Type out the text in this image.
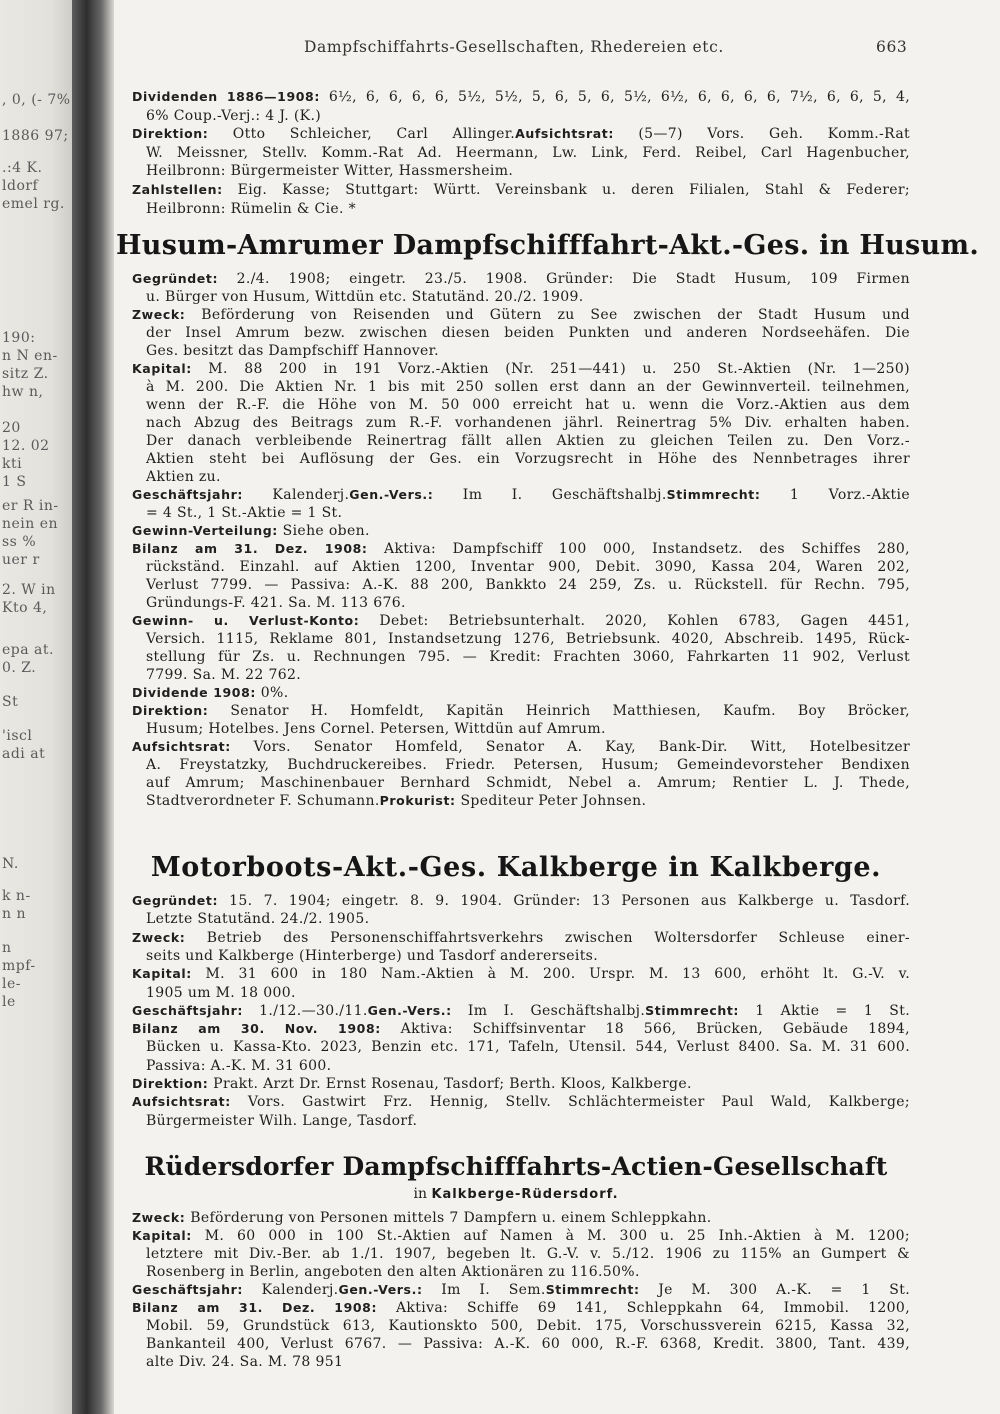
, 0, (- 7%
1886 97;
.:4 K.
ldorf
emel rg.
190:
n N en-
sitz Z.
hw n,
20
12. 02
kti
1 S
er R in-
nein en
ss %
uer r
2. W in
Kto 4,
epa at.
0. Z.
St
'iscl
adi at
N.
k n-
n n
n
mpf-
le-
le
Dampfschiffahrts-Gesellschaften, Rhedereien etc.	663
Dividenden 1886—1908: 6½, 6, 6, 6, 6, 5½, 5½, 5, 6, 5, 6, 5½, 6½, 6, 6, 6, 6, 7½, 6, 6, 5, 4,
6% Coup.-Verj.: 4 J. (K.)
Direktion: Otto Schleicher, Carl Allinger.Aufsichtsrat: (5—7) Vors. Geh. Komm.-Rat
W. Meissner, Stellv. Komm.-Rat Ad. Heermann, Lw. Link, Ferd. Reibel, Carl Hagenbucher,
Heilbronn: Bürgermeister Witter, Hassmersheim.
Zahlstellen: Eig. Kasse; Stuttgart: Württ. Vereinsbank u. deren Filialen, Stahl & Federer;
Heilbronn: Rümelin & Cie. *
Husum-Amrumer Dampfschifffahrt-Akt.-Ges. in Husum.
Gegründet: 2./4. 1908; eingetr. 23./5. 1908. Gründer: Die Stadt Husum, 109 Firmen
u. Bürger von Husum, Wittdün etc. Statutänd. 20./2. 1909.
Zweck: Beförderung von Reisenden und Gütern zu See zwischen der Stadt Husum und
der Insel Amrum bezw. zwischen diesen beiden Punkten und anderen Nordseehäfen. Die
Ges. besitzt das Dampfschiff Hannover.
Kapital: M. 88 200 in 191 Vorz.-Aktien (Nr. 251—441) u. 250 St.-Aktien (Nr. 1—250)
à M. 200. Die Aktien Nr. 1 bis mit 250 sollen erst dann an der Gewinnverteil. teilnehmen,
wenn der R.-F. die Höhe von M. 50 000 erreicht hat u. wenn die Vorz.-Aktien aus dem
nach Abzug des Beitrags zum R.-F. vorhandenen jährl. Reinertrag 5% Div. erhalten haben.
Der danach verbleibende Reinertrag fällt allen Aktien zu gleichen Teilen zu. Den Vorz.-
Aktien steht bei Auflösung der Ges. ein Vorzugsrecht in Höhe des Nennbetrages ihrer
Aktien zu.
Geschäftsjahr: Kalenderj.Gen.-Vers.: Im I. Geschäftshalbj.Stimmrecht: 1 Vorz.-Aktie
= 4 St., 1 St.-Aktie = 1 St.
Gewinn-Verteilung: Siehe oben.
Bilanz am 31. Dez. 1908: Aktiva: Dampfschiff 100 000, Instandsetz. des Schiffes 280,
rückständ. Einzahl. auf Aktien 1200, Inventar 900, Debit. 3090, Kassa 204, Waren 202,
Verlust 7799. — Passiva: A.-K. 88 200, Bankkto 24 259, Zs. u. Rückstell. für Rechn. 795,
Gründungs-F. 421. Sa. M. 113 676.
Gewinn- u. Verlust-Konto: Debet: Betriebsunterhalt. 2020, Kohlen 6783, Gagen 4451,
Versich. 1115, Reklame 801, Instandsetzung 1276, Betriebsunk. 4020, Abschreib. 1495, Rück-
stellung für Zs. u. Rechnungen 795. — Kredit: Frachten 3060, Fahrkarten 11 902, Verlust
7799. Sa. M. 22 762.
Dividende 1908: 0%.
Direktion: Senator H. Homfeldt, Kapitän Heinrich Matthiesen, Kaufm. Boy Bröcker,
Husum; Hotelbes. Jens Cornel. Petersen, Wittdün auf Amrum.
Aufsichtsrat: Vors. Senator Homfeld, Senator A. Kay, Bank-Dir. Witt, Hotelbesitzer
A. Freystatzky, Buchdruckereibes. Friedr. Petersen, Husum; Gemeindevorsteher Bendixen
auf Amrum; Maschinenbauer Bernhard Schmidt, Nebel a. Amrum; Rentier L. J. Thede,
Stadtverordneter F. Schumann.Prokurist: Spediteur Peter Johnsen.
Motorboots-Akt.-Ges. Kalkberge in Kalkberge.
Gegründet: 15. 7. 1904; eingetr. 8. 9. 1904. Gründer: 13 Personen aus Kalkberge u. Tasdorf.
Letzte Statutänd. 24./2. 1905.
Zweck: Betrieb des Personenschiffahrtsverkehrs zwischen Woltersdorfer Schleuse einer-
seits und Kalkberge (Hinterberge) und Tasdorf andererseits.
Kapital: M. 31 600 in 180 Nam.-Aktien à M. 200. Urspr. M. 13 600, erhöht lt. G.-V. v.
1905 um M. 18 000.
Geschäftsjahr: 1./12.—30./11.Gen.-Vers.: Im I. Geschäftshalbj.Stimmrecht: 1 Aktie = 1 St.
Bilanz am 30. Nov. 1908: Aktiva: Schiffsinventar 18 566, Brücken, Gebäude 1894,
Bücken u. Kassa-Kto. 2023, Benzin etc. 171, Tafeln, Utensil. 544, Verlust 8400. Sa. M. 31 600.
Passiva: A.-K. M. 31 600.
Direktion: Prakt. Arzt Dr. Ernst Rosenau, Tasdorf; Berth. Kloos, Kalkberge.
Aufsichtsrat: Vors. Gastwirt Frz. Hennig, Stellv. Schlächtermeister Paul Wald, Kalkberge;
Bürgermeister Wilh. Lange, Tasdorf.
Rüdersdorfer Dampfschifffahrts-Actien-Gesellschaft
in Kalkberge-Rüdersdorf.
Zweck: Beförderung von Personen mittels 7 Dampfern u. einem Schleppkahn.
Kapital: M. 60 000 in 100 St.-Aktien auf Namen à M. 300 u. 25 Inh.-Aktien à M. 1200;
letztere mit Div.-Ber. ab 1./1. 1907, begeben lt. G.-V. v. 5./12. 1906 zu 115% an Gumpert &
Rosenberg in Berlin, angeboten den alten Aktionären zu 116.50%.
Geschäftsjahr: Kalenderj.Gen.-Vers.: Im I. Sem.Stimmrecht: Je M. 300 A.-K. = 1 St.
Bilanz am 31. Dez. 1908: Aktiva: Schiffe 69 141, Schleppkahn 64, Immobil. 1200,
Mobil. 59, Grundstück 613, Kautionskto 500, Debit. 175, Vorschussverein 6215, Kassa 32,
Bankanteil 400, Verlust 6767. — Passiva: A.-K. 60 000, R.-F. 6368, Kredit. 3800, Tant. 439,
alte Div. 24. Sa. M. 78 951
